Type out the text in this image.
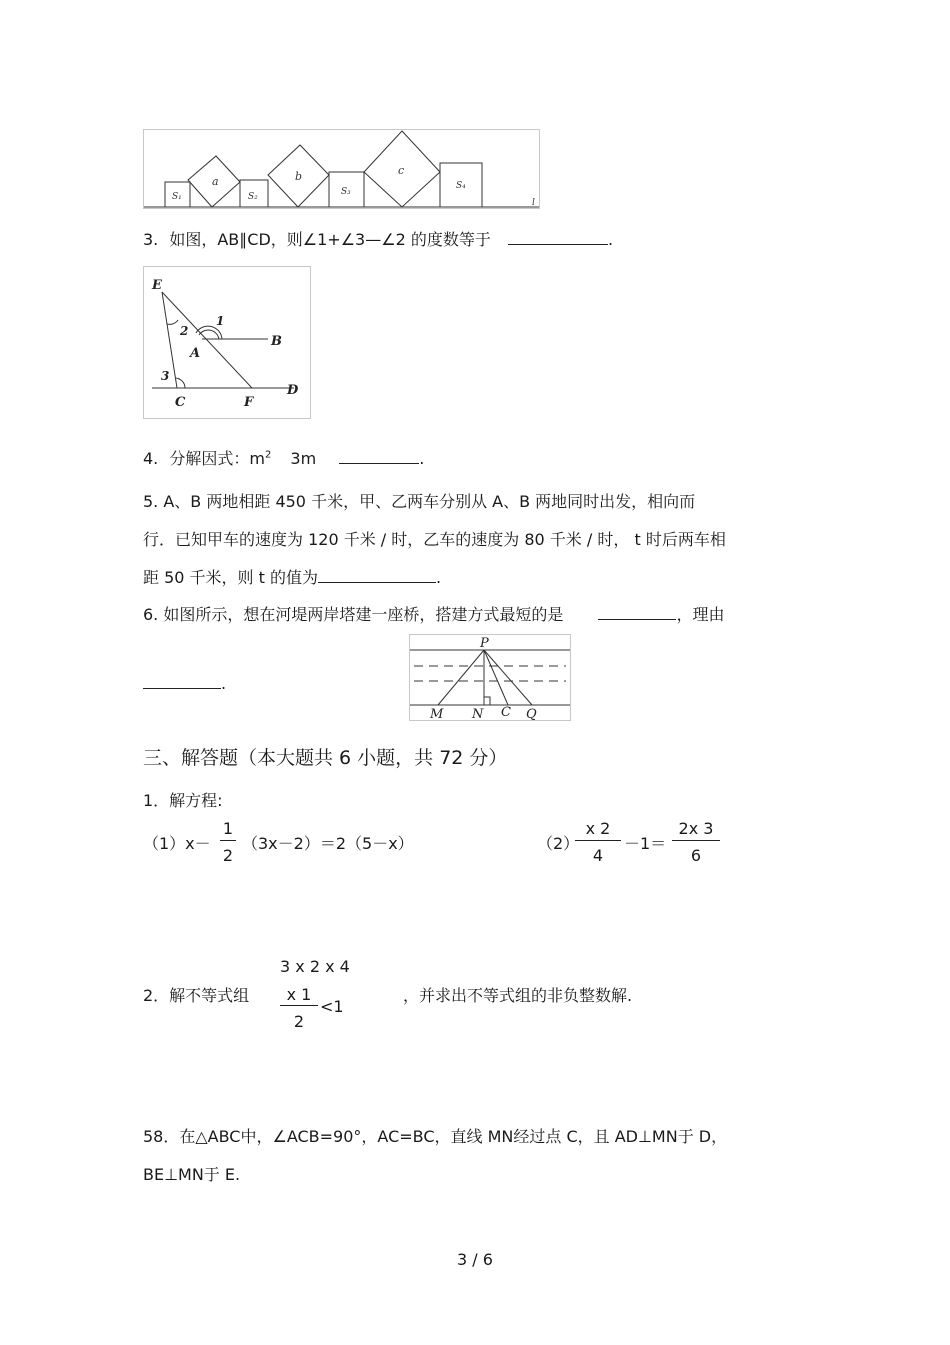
S₁
a
S₂
b
S₃
c
S₄
l
3. 如图，AB∥CD，则∠1+∠3—∠2 的度数等于	.
E
B
A
C	F
D
1
2
3
4. 分解因式：$m^2$ 3m	.
5. A、B 两地相距 450 千米，甲、乙两车分别从 A、B 两地同时出发，相向而
行．已知甲车的速度为 120 千米 / 时，乙车的速度为 80 千米 / 时， t 时后两车相
距 50 千米，则 t 的值为	.
6. 如图所示，想在河堤两岸塔建一座桥，搭建方式最短的是	，理由
.
P
M N C Q
三、解答题（本大题共 6 小题，共 72 分）
1．解方程:
（1）x－
1
2
（3x－2）＝2（5－x）	（2）
x 2
4
－1＝
2x 3
6
3 x 2 x 4
2．解不等式组	x 1
2
<1
，并求出不等式组的非负整数解.
58．在△ABC中，∠ACB=90°，AC=BC，直线 MN经过点 C，且 AD⊥MN于 D，
BE⊥MN于 E.
3 / 6
